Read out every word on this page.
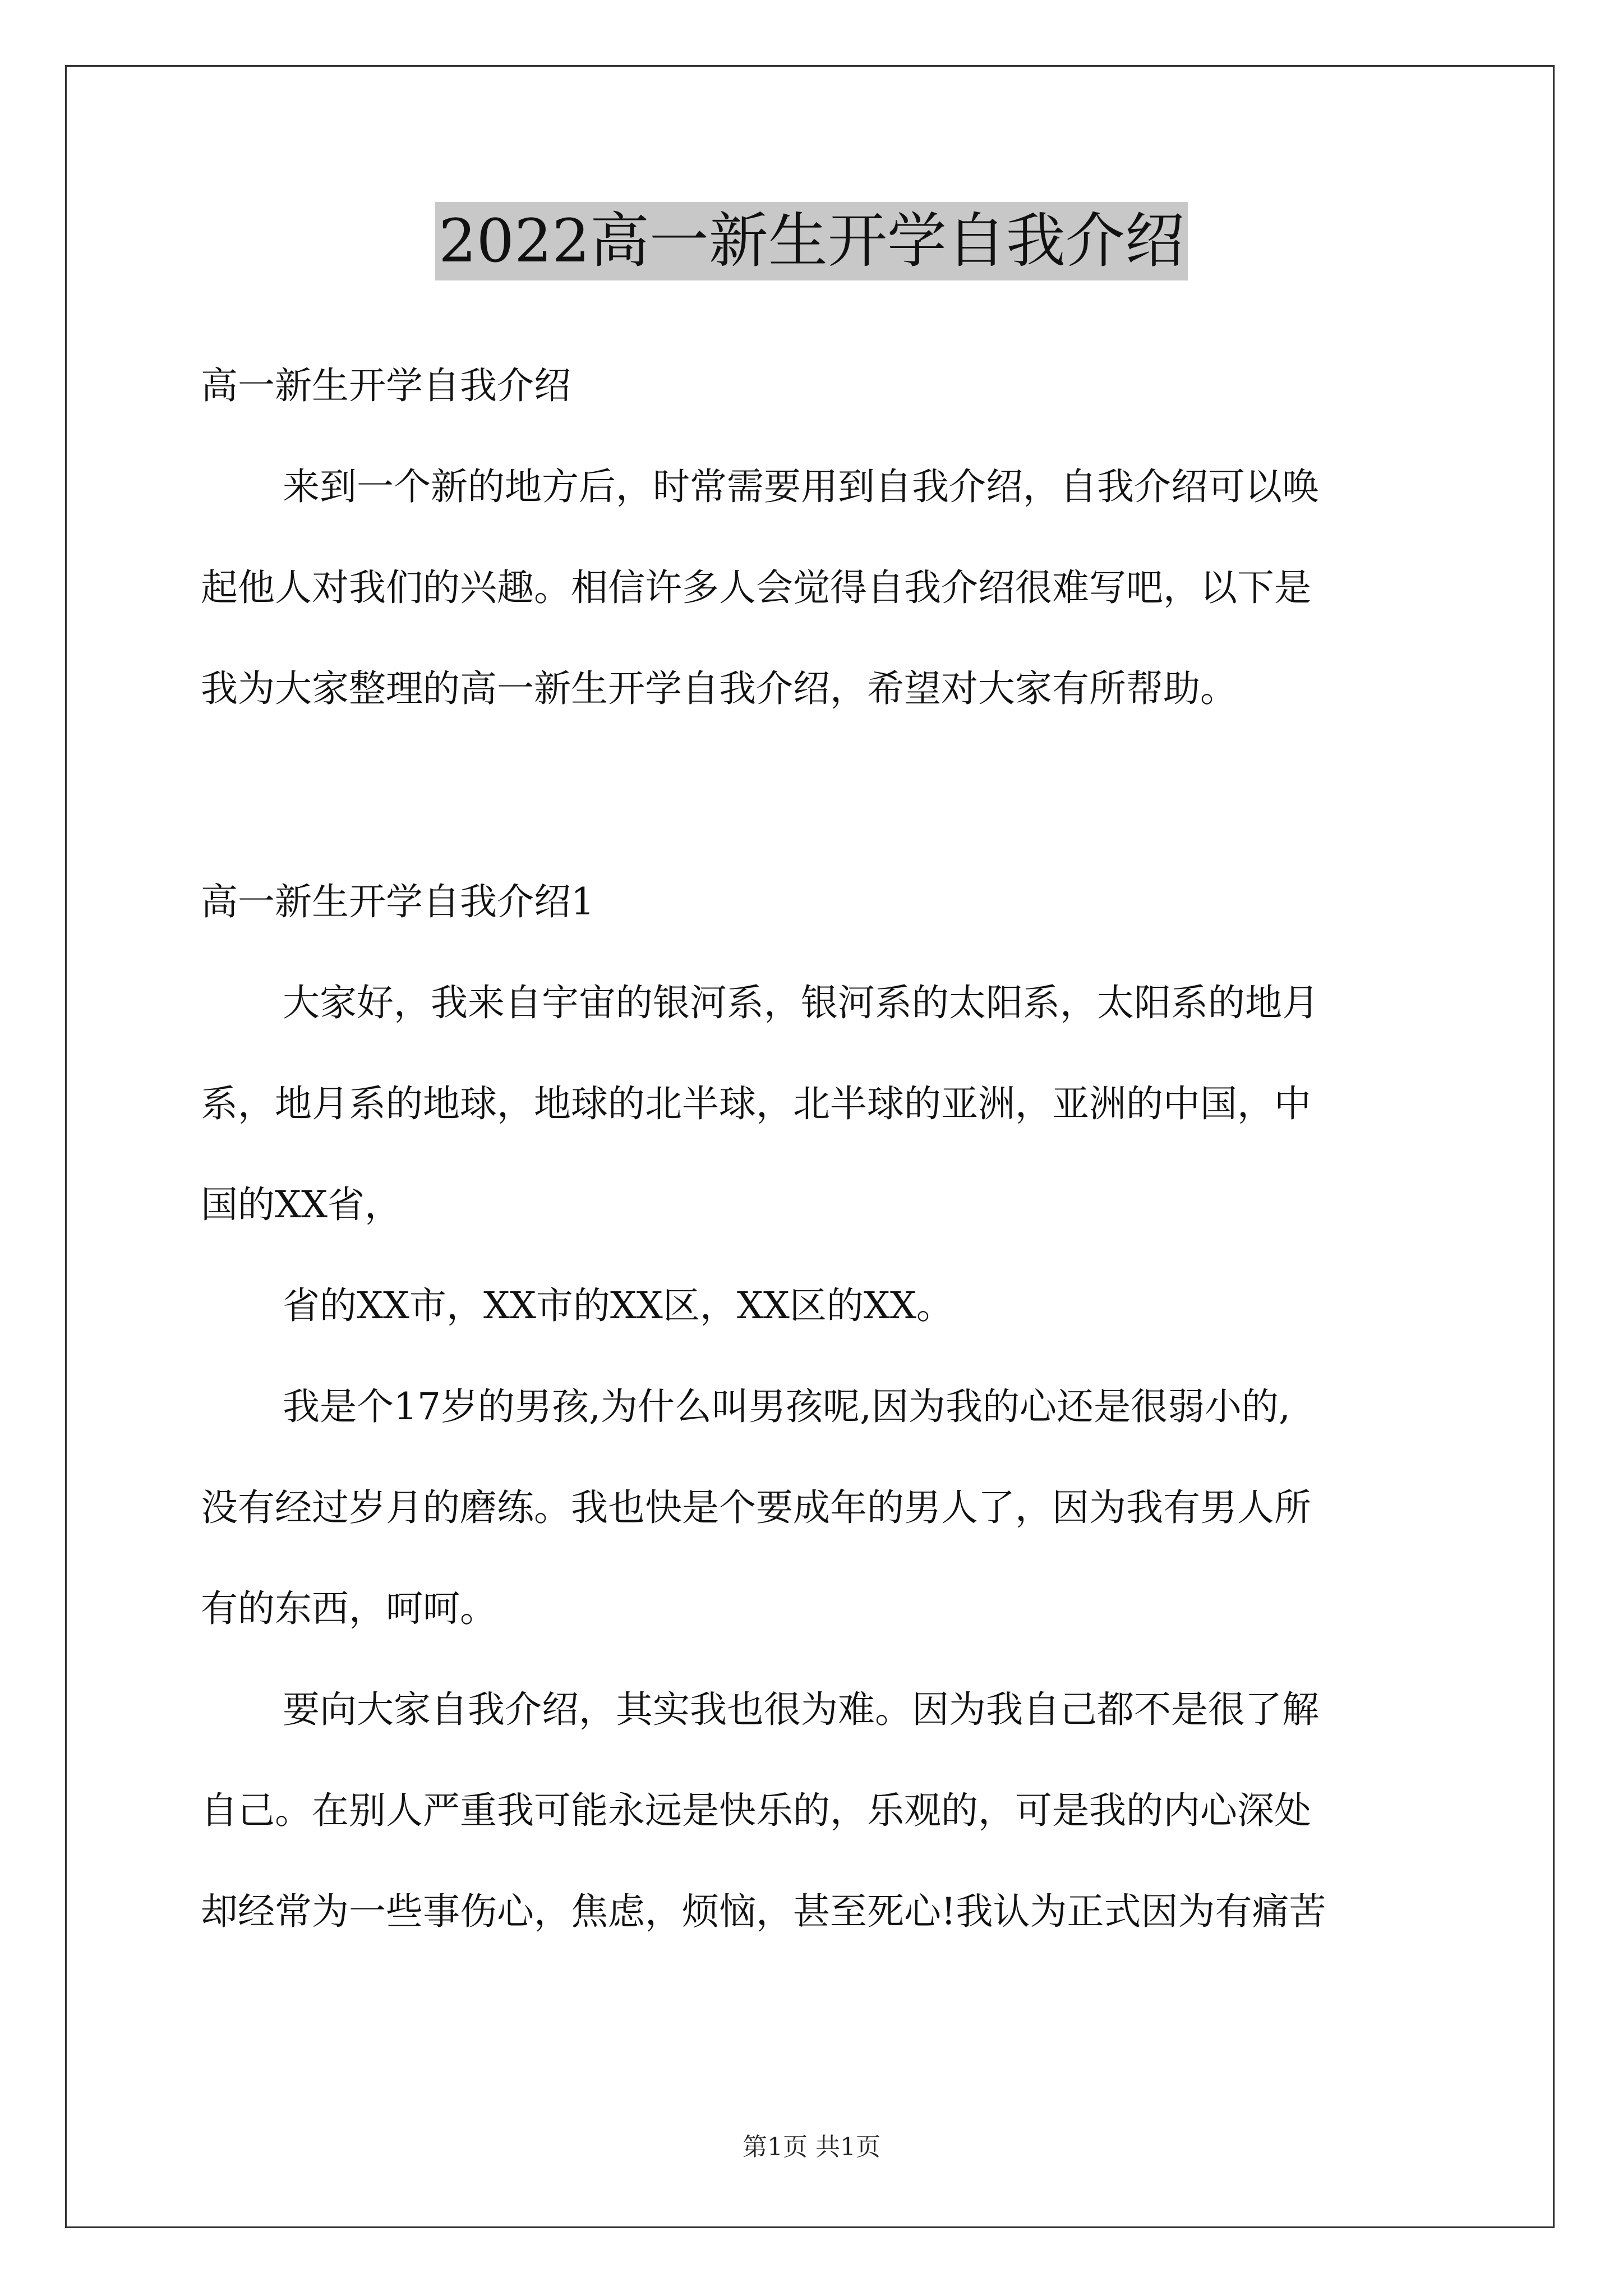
2022高一新生开学自我介绍
高一新生开学自我介绍
来到一个新的地方后，时常需要用到自我介绍，自我介绍可以唤
起他人对我们的兴趣。相信许多人会觉得自我介绍很难写吧，以下是
我为大家整理的高一新生开学自我介绍，希望对大家有所帮助。
高一新生开学自我介绍1
大家好，我来自宇宙的银河系，银河系的太阳系，太阳系的地月
系，地月系的地球，地球的北半球，北半球的亚洲，亚洲的中国，中
国的XX省，
省的XX市，XX市的XX区，XX区的XX。
我是个17岁的男孩,为什么叫男孩呢,因为我的心还是很弱小的,
没有经过岁月的磨练。我也快是个要成年的男人了，因为我有男人所
有的东西，呵呵。
要向大家自我介绍，其实我也很为难。因为我自己都不是很了解
自己。在别人严重我可能永远是快乐的，乐观的，可是我的内心深处
却经常为一些事伤心，焦虑，烦恼，甚至死心!我认为正式因为有痛苦
第1页 共1页
